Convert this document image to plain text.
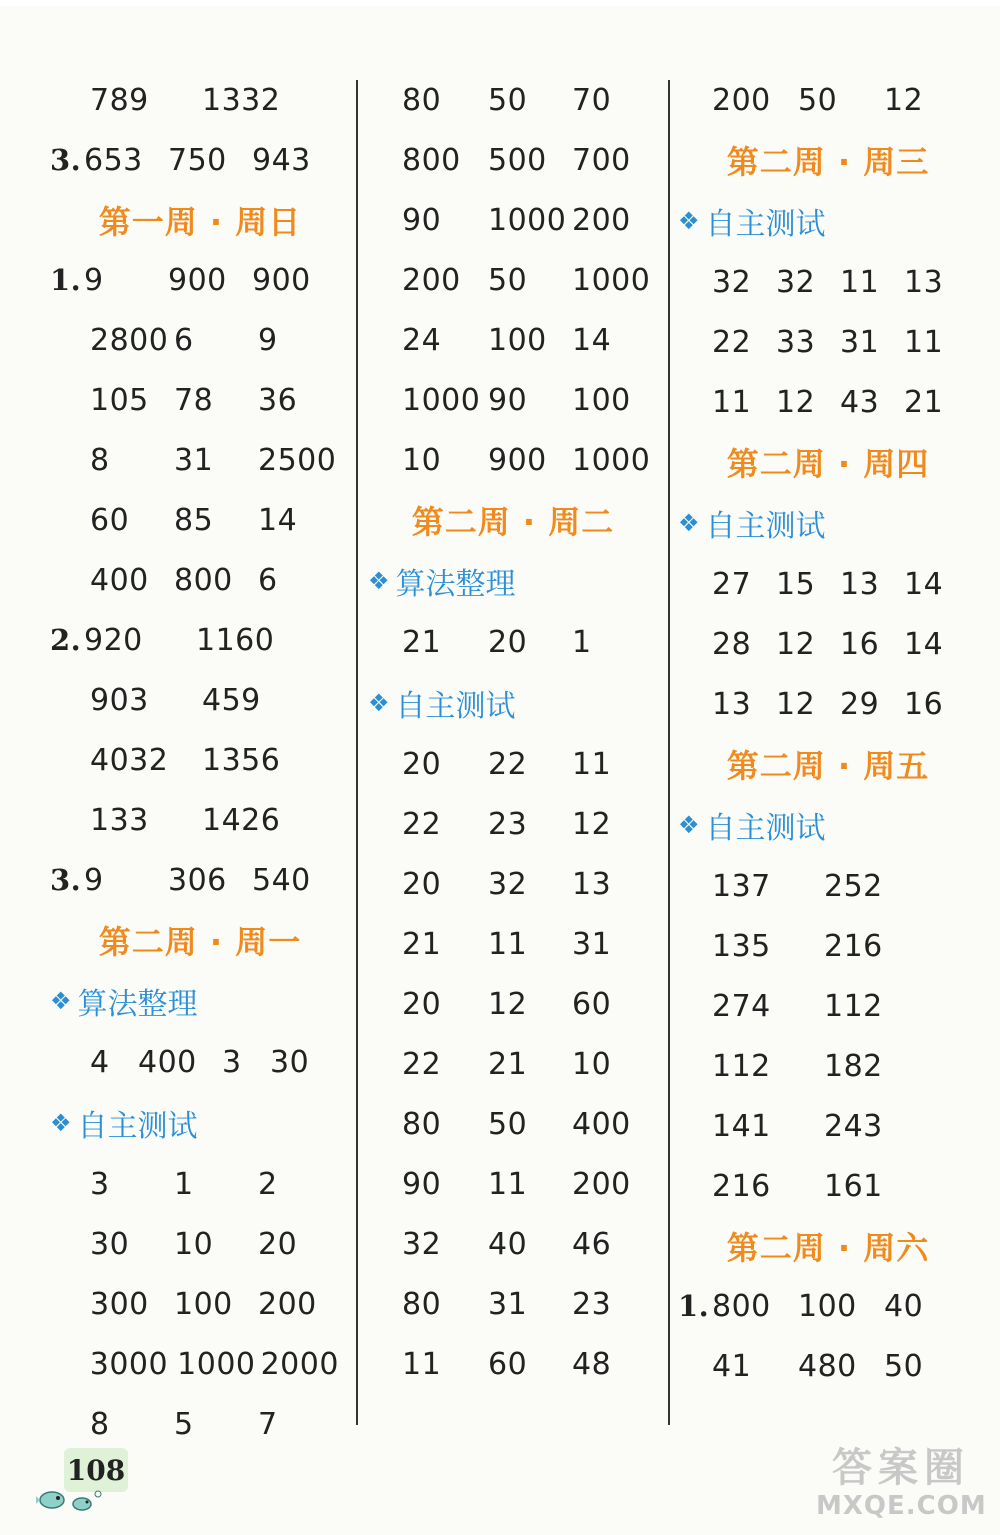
789	1332
3. 653 750 943
第一周 · 周日
1. 9	900 900
2800 6	9
105 78	36
8	31	2500
60	85	14
400 800 6
2. 920	1160
903	459
4032	1356
133	1426
3. 9	306 540
第二周 · 周一
❖ 算法整理
4 400 3 30
❖ 自主测试
3	1	2
30	10	20
300 100 200
3000 1000 2000
8	5	7
80	50	70
800 500 700
90	1000 200
200 50	1000
24	100 14
1000 90	100
10	900 1000
第二周 · 周二
❖ 算法整理
21	20	1
❖ 自主测试
20	22	11
22	23	12
20	32	13
21	11	31
20	12	60
22	21	10
80	50	400
90	11	200
32	40	46
80	31	23
11	60	48
200 50	12
第二周 · 周三
❖ 自主测试
32 32 11 13
22 33 31 11
11 12 43 21
第二周 · 周四
❖ 自主测试
27 15 13 14
28 12 16 14
13 12 29 16
第二周 · 周五
❖ 自主测试
137	252
135	216
274	112
112	182
141	243
216	161
第二周 · 周六
1. 800 100 40
41	480 50
108	答案圈
MXQE.COM
